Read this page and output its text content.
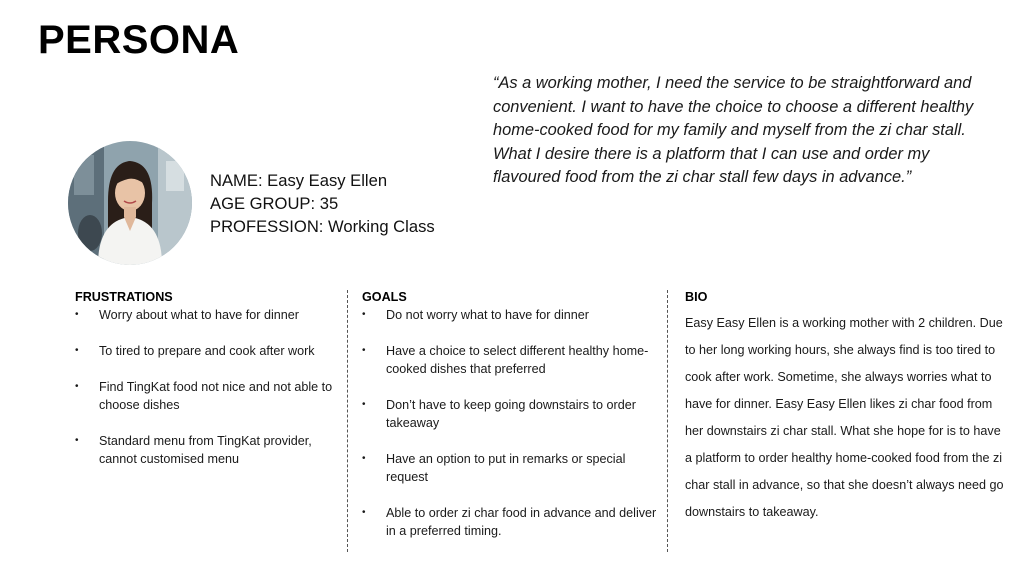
PERSONA
“As a working mother, I need the service to be straightforward and convenient. I want to have the choice to choose a different healthy home-cooked food for my family and myself from the zi char stall. What I desire there is a platform that I can use and order my flavoured food from the zi char stall few days in advance.”
NAME: Easy Easy Ellen
AGE GROUP: 35
PROFESSION: Working Class
FRUSTRATIONS
• Worry about what to have for dinner
• To tired to prepare and cook after work
• Find TingKat food not nice and not able to choose dishes
• Standard menu from TingKat provider, cannot customised menu
GOALS
• Do not worry what to have for dinner
• Have a choice to select different healthy home-cooked dishes that preferred
• Don’t have to keep going downstairs to order takeaway
• Have an option to put in remarks or special request
• Able to order zi char food in advance and deliver in a preferred timing.
BIO

Easy Easy Ellen is a working mother with 2 children. Due to her long working hours, she always find is too tired to cook after work. Sometime, she always worries what to have for dinner. Easy Easy Ellen likes zi char food from her downstairs zi char stall. What she hope for is to have a platform to order healthy home-cooked food from the zi char stall in advance, so that she doesn’t always need go downstairs to takeaway.
